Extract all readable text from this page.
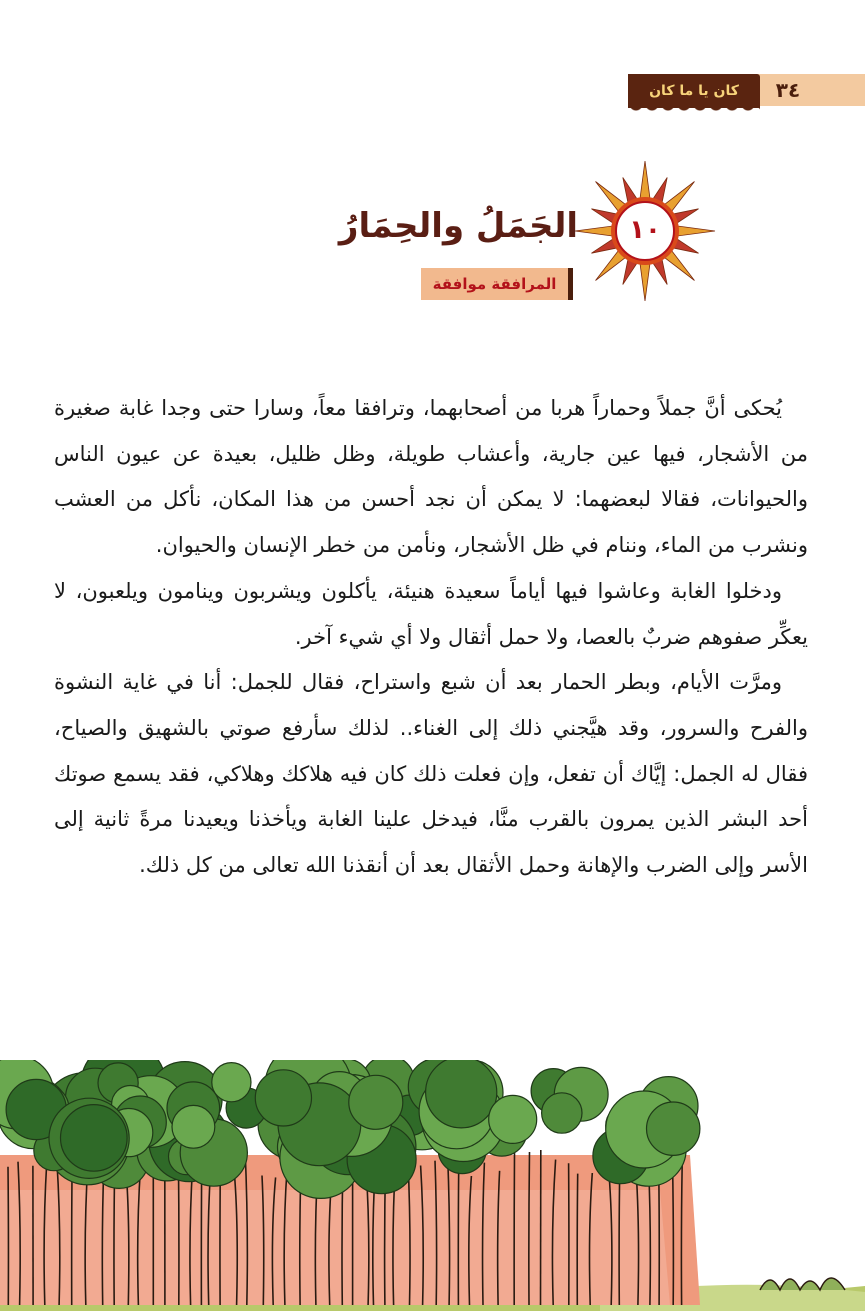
كان يا ما كان	٣٤
١٠
الجَمَلُ والحِمَارُ
المرافقة موافقة

يُحكى أنَّ جملاً وحماراً هربا من أصحابهما، وترافقا معاً، وسارا حتى وجدا غابة صغيرة من الأشجار، فيها عين جارية، وأعشاب طويلة، وظل ظليل، بعيدة عن عيون الناس والحيوانات، فقالا لبعضهما: لا يمكن أن نجد أحسن من هذا المكان، نأكل من العشب ونشرب من الماء، وننام في ظل الأشجار، ونأمن من خطر الإنسان والحيوان.

ودخلوا الغابة وعاشوا فيها أياماً سعيدة هنيئة، يأكلون ويشربون وينامون ويلعبون، لا يعكِّر صفوهم ضربٌ بالعصا، ولا حمل أثقال ولا أي شيء آخر.

ومرَّت الأيام، وبطر الحمار بعد أن شبع واستراح، فقال للجمل: أنا في غاية النشوة والفرح والسرور، وقد هيَّجني ذلك إلى الغناء.. لذلك سأرفع صوتي بالشهيق والصياح، فقال له الجمل: إيَّاك أن تفعل، وإن فعلت ذلك كان فيه هلاكك وهلاكي، فقد يسمع صوتك أحد البشر الذين يمرون بالقرب منَّا، فيدخل علينا الغابة ويأخذنا ويعيدنا مرةً ثانية إلى الأسر وإلى الضرب والإهانة وحمل الأثقال بعد أن أنقذنا الله تعالى من كل ذلك.
